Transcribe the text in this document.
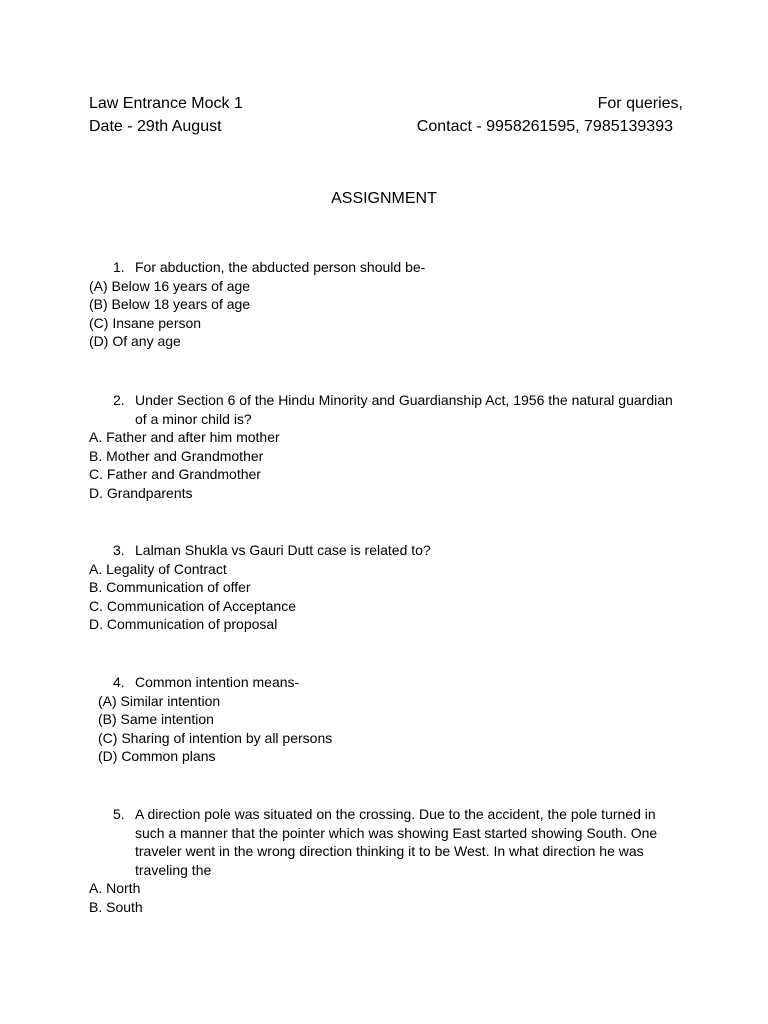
Law Entrance Mock 1
Date - 29th August
For queries,
Contact - 9958261595, 7985139393
ASSIGNMENT
1. For abduction, the abducted person should be-
(A) Below 16 years of age
(B) Below 18 years of age
(C) Insane person
(D) Of any age
2. Under Section 6 of the Hindu Minority and Guardianship Act, 1956 the natural guardian of a minor child is?
A. Father and after him mother
B. Mother and Grandmother
C. Father and Grandmother
D. Grandparents
3. Lalman Shukla vs Gauri Dutt case is related to?
A. Legality of Contract
B. Communication of offer
C. Communication of Acceptance
D. Communication of proposal
4. Common intention means-
(A) Similar intention
(B) Same intention
(C) Sharing of intention by all persons
(D) Common plans
5. A direction pole was situated on the crossing. Due to the accident, the pole turned in such a manner that the pointer which was showing East started showing South. One traveler went in the wrong direction thinking it to be West. In what direction he was traveling the
A. North
B. South
